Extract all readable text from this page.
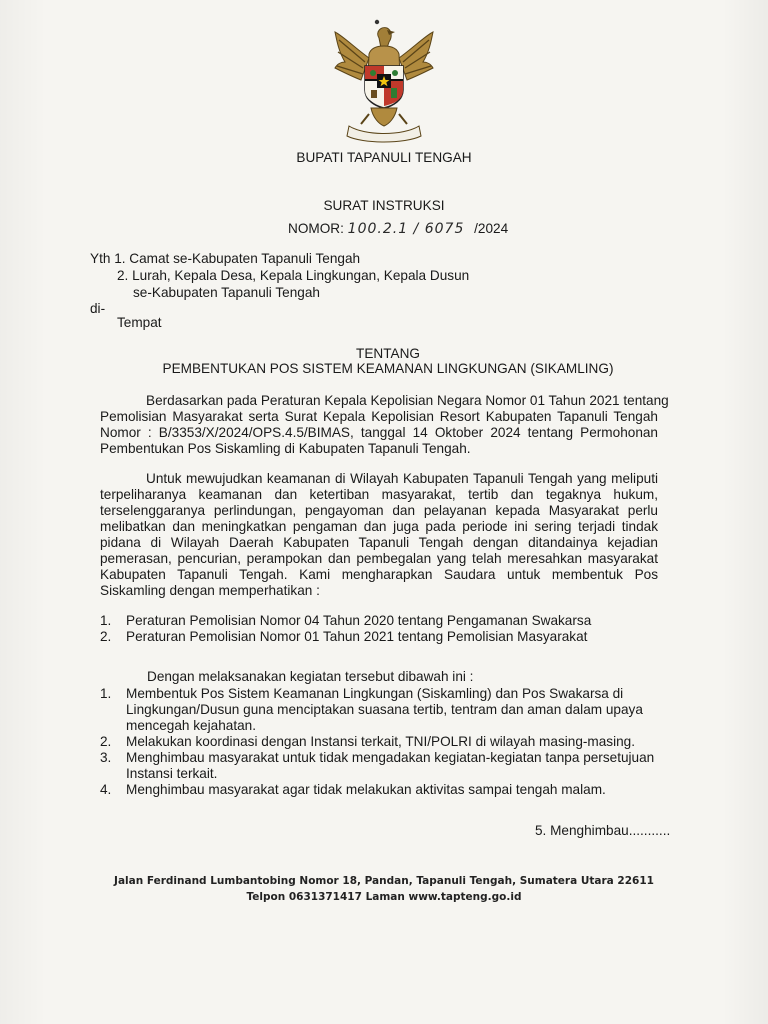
BUPATI TAPANULI TENGAH
SURAT INSTRUKSI
NOMOR: 100.2.1 / 6075 /2024
Yth 1. Camat se-Kabupaten Tapanuli Tengah
2. Lurah, Kepala Desa, Kepala Lingkungan, Kepala Dusun
se-Kabupaten Tapanuli Tengah
di-
Tempat
TENTANG
PEMBENTUKAN POS SISTEM KEAMANAN LINGKUNGAN (SIKAMLING)
Berdasarkan pada Peraturan Kepala Kepolisian Negara Nomor 01 Tahun 2021 tentang
Pemolisian Masyarakat serta Surat Kepala Kepolisian Resort Kabupaten Tapanuli Tengah
Nomor : B/3353/X/2024/OPS.4.5/BIMAS, tanggal 14 Oktober 2024 tentang Permohonan
Pembentukan Pos Siskamling di Kabupaten Tapanuli Tengah.
Untuk mewujudkan keamanan di Wilayah Kabupaten Tapanuli Tengah yang meliputi
terpeliharanya keamanan dan ketertiban masyarakat, tertib dan tegaknya hukum,
terselenggaranya perlindungan, pengayoman dan pelayanan kepada Masyarakat perlu
melibatkan dan meningkatkan pengaman dan juga pada periode ini sering terjadi tindak
pidana di Wilayah Daerah Kabupaten Tapanuli Tengah dengan ditandainya kejadian
pemerasan, pencurian, perampokan dan pembegalan yang telah meresahkan masyarakat
Kabupaten Tapanuli Tengah. Kami mengharapkan Saudara untuk membentuk Pos
Siskamling dengan memperhatikan :
1. Peraturan Pemolisian Nomor 04 Tahun 2020 tentang Pengamanan Swakarsa
2. Peraturan Pemolisian Nomor 01 Tahun 2021 tentang Pemolisian Masyarakat
Dengan melaksanakan kegiatan tersebut dibawah ini :
1. Membentuk Pos Sistem Keamanan Lingkungan (Siskamling) dan Pos Swakarsa di
Lingkungan/Dusun guna menciptakan suasana tertib, tentram dan aman dalam upaya
mencegah kejahatan.
2. Melakukan koordinasi dengan Instansi terkait, TNI/POLRI di wilayah masing-masing.
3. Menghimbau masyarakat untuk tidak mengadakan kegiatan-kegiatan tanpa persetujuan
Instansi terkait.
4. Menghimbau masyarakat agar tidak melakukan aktivitas sampai tengah malam.
5. Menghimbau...........
Jalan Ferdinand Lumbantobing Nomor 18, Pandan, Tapanuli Tengah, Sumatera Utara 22611
Telpon 0631371417 Laman www.tapteng.go.id
